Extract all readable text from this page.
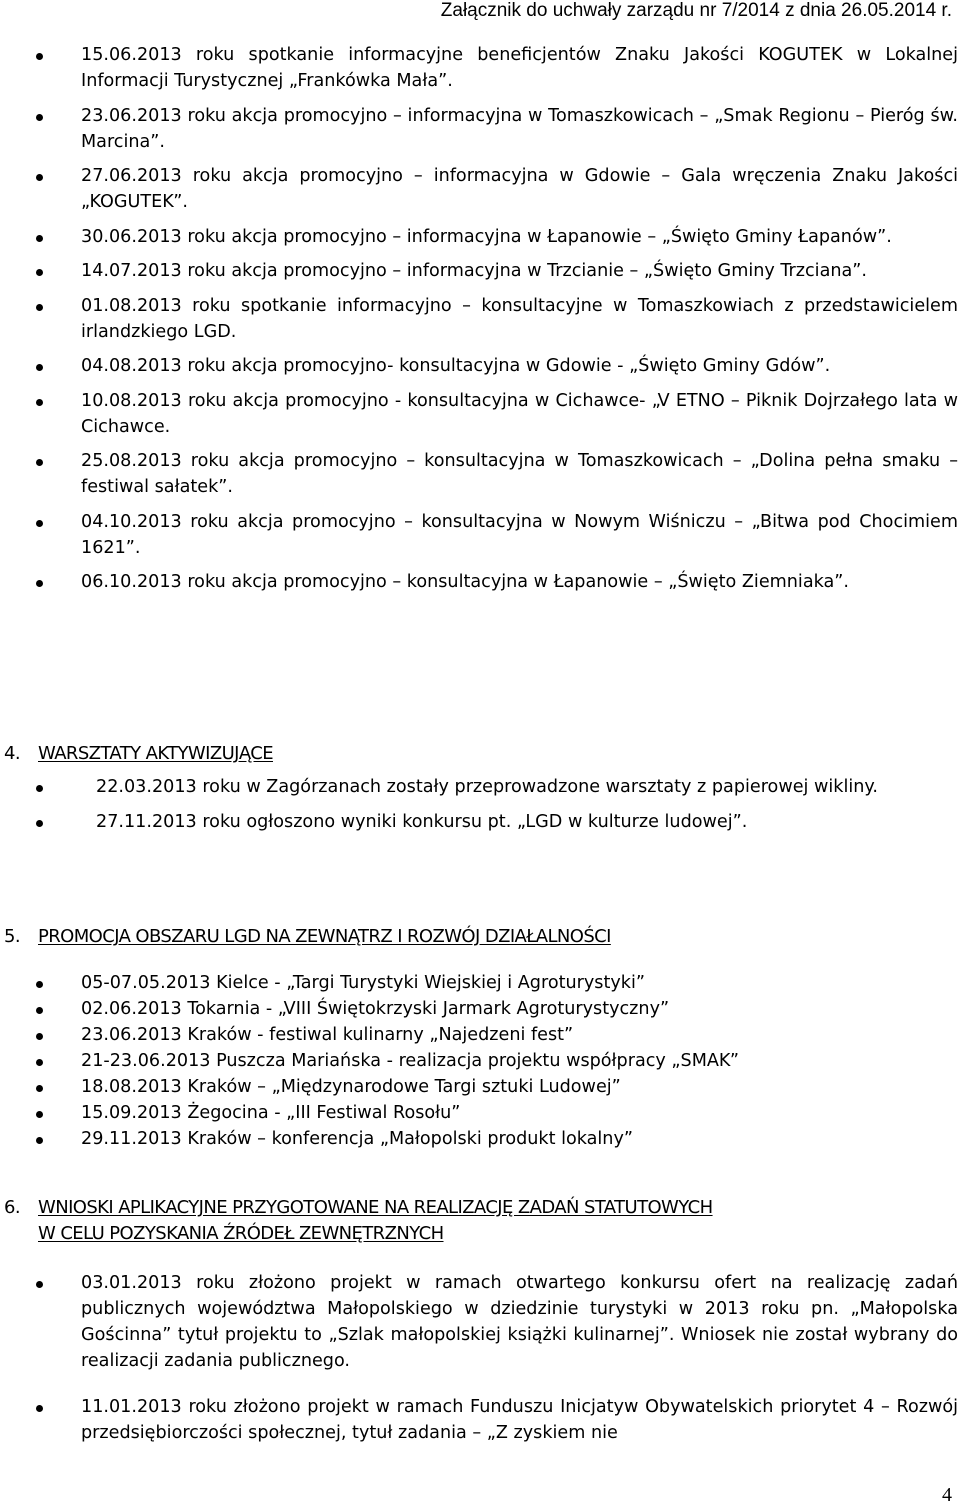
Załącznik do uchwały zarządu nr 7/2014 z dnia 26.05.2014 r.
15.06.2013 roku spotkanie informacyjne beneficjentów Znaku Jakości KOGUTEK w Lokalnej Informacji Turystycznej „Frankówka Mała”.
23.06.2013 roku akcja promocyjno – informacyjna w Tomaszkowicach – „Smak Regionu – Pieróg św. Marcina”.
27.06.2013 roku akcja promocyjno – informacyjna w Gdowie – Gala wręczenia Znaku Jakości „KOGUTEK”.
30.06.2013 roku akcja promocyjno – informacyjna w Łapanowie – „Święto Gminy Łapanów”.
14.07.2013 roku akcja promocyjno – informacyjna w Trzcianie – „Święto Gminy Trzciana”.
01.08.2013 roku spotkanie informacyjno – konsultacyjne w Tomaszkowiach z przedstawicielem irlandzkiego LGD.
04.08.2013 roku akcja promocyjno- konsultacyjna w Gdowie - „Święto Gminy Gdów”.
10.08.2013 roku akcja promocyjno - konsultacyjna w Cichawce- „V ETNO – Piknik Dojrzałego lata w Cichawce.
25.08.2013 roku akcja promocyjno – konsultacyjna w Tomaszkowicach – „Dolina pełna smaku – festiwal sałatek”.
04.10.2013 roku akcja promocyjno – konsultacyjna w Nowym Wiśniczu – „Bitwa pod Chocimiem 1621”.
06.10.2013 roku akcja promocyjno – konsultacyjna w Łapanowie – „Święto Ziemniaka”.
4. WARSZTATY AKTYWIZUJĄCE
22.03.2013 roku w Zagórzanach zostały przeprowadzone warsztaty z papierowej wikliny.
27.11.2013 roku ogłoszono wyniki konkursu pt. „LGD w kulturze ludowej”.
5. PROMOCJA OBSZARU LGD NA ZEWNĄTRZ I ROZWÓJ DZIAŁALNOŚCI
05-07.05.2013 Kielce - „Targi Turystyki Wiejskiej i Agroturystyki”
02.06.2013 Tokarnia - „VIII Świętokrzyski Jarmark Agroturystyczny”
23.06.2013 Kraków - festiwal kulinarny „Najedzeni fest”
21-23.06.2013 Puszcza Mariańska - realizacja projektu współpracy „SMAK”
18.08.2013 Kraków – „Międzynarodowe Targi sztuki Ludowej”
15.09.2013 Żegocina - „III Festiwal Rosołu”
29.11.2013 Kraków – konferencja „Małopolski produkt lokalny”
6. WNIOSKI APLIKACYJNE PRZYGOTOWANE NA REALIZACJĘ ZADAŃ STATUTOWYCH
W CELU POZYSKANIA ŹRÓDEŁ ZEWNĘTRZNYCH
03.01.2013 roku złożono projekt w ramach otwartego konkursu ofert na realizację zadań publicznych województwa Małopolskiego w dziedzinie turystyki w 2013 roku pn. „Małopolska Gościnna” tytuł projektu to „Szlak małopolskiej książki kulinarnej”. Wniosek nie został wybrany do realizacji zadania publicznego.
11.01.2013 roku złożono projekt w ramach Funduszu Inicjatyw Obywatelskich priorytet 4 – Rozwój przedsiębiorczości społecznej, tytuł zadania – „Z zyskiem nie
4
